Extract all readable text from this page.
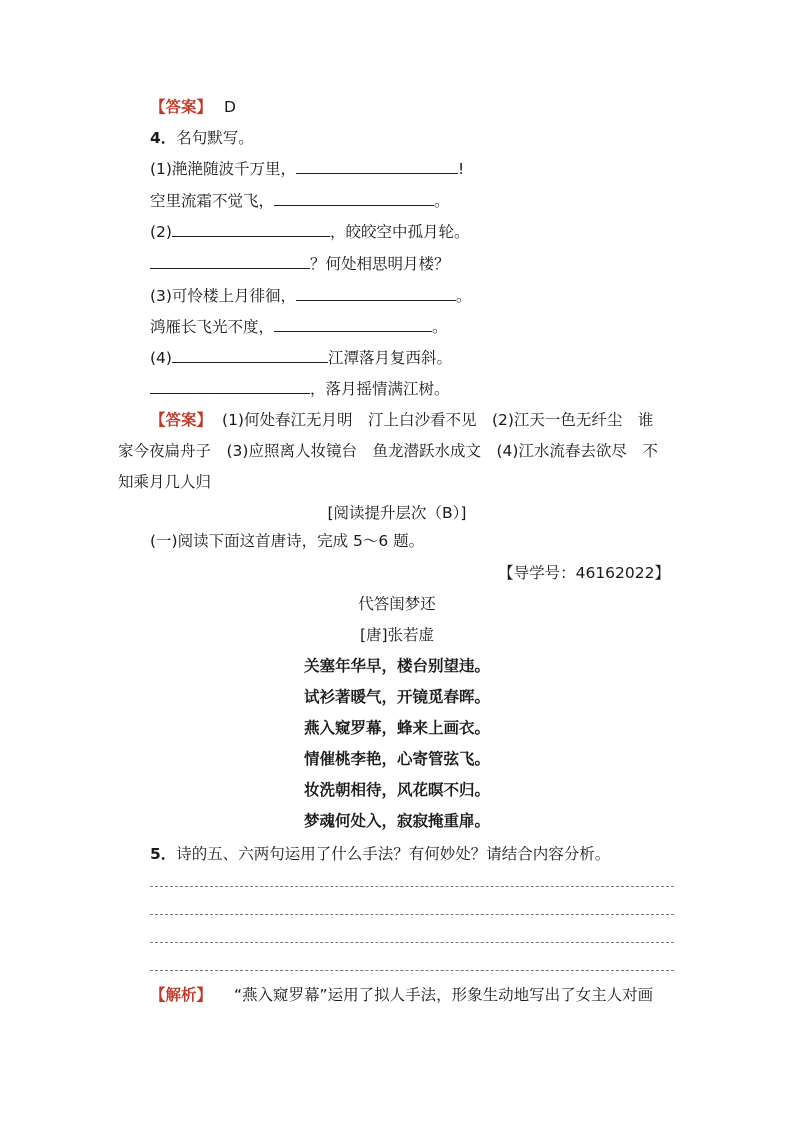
【答案】 D
4．名句默写。
(1)滟滟随波千万里，	!
空里流霜不觉飞，	。
(2)	，皎皎空中孤月轮。
？何处相思明月楼？
(3)可怜楼上月徘徊，	。
鸿雁长飞光不度，	。
(4)	江潭落月复西斜。
，落月摇情满江树。
【答案】 (1)何处春江无月明　汀上白沙看不见　(2)江天一色无纤尘　谁
家今夜扁舟子　(3)应照离人妆镜台　鱼龙潜跃水成文　(4)江水流春去欲尽　不
知乘月几人归
[阅读提升层次（B）]
(一)阅读下面这首唐诗，完成 5～6 题。
【导学号：46162022】
代答闺梦还
[唐]张若虚
关塞年华早，楼台别望违。
试衫著暖气，开镜觅春晖。
燕入窥罗幕，蜂来上画衣。
情催桃李艳，心寄管弦飞。
妆洗朝相待，风花暝不归。
梦魂何处入，寂寂掩重扉。
5．诗的五、六两句运用了什么手法？有何妙处？请结合内容分析。
【解析】 “燕入窥罗幕”运用了拟人手法，形象生动地写出了女主人对画
